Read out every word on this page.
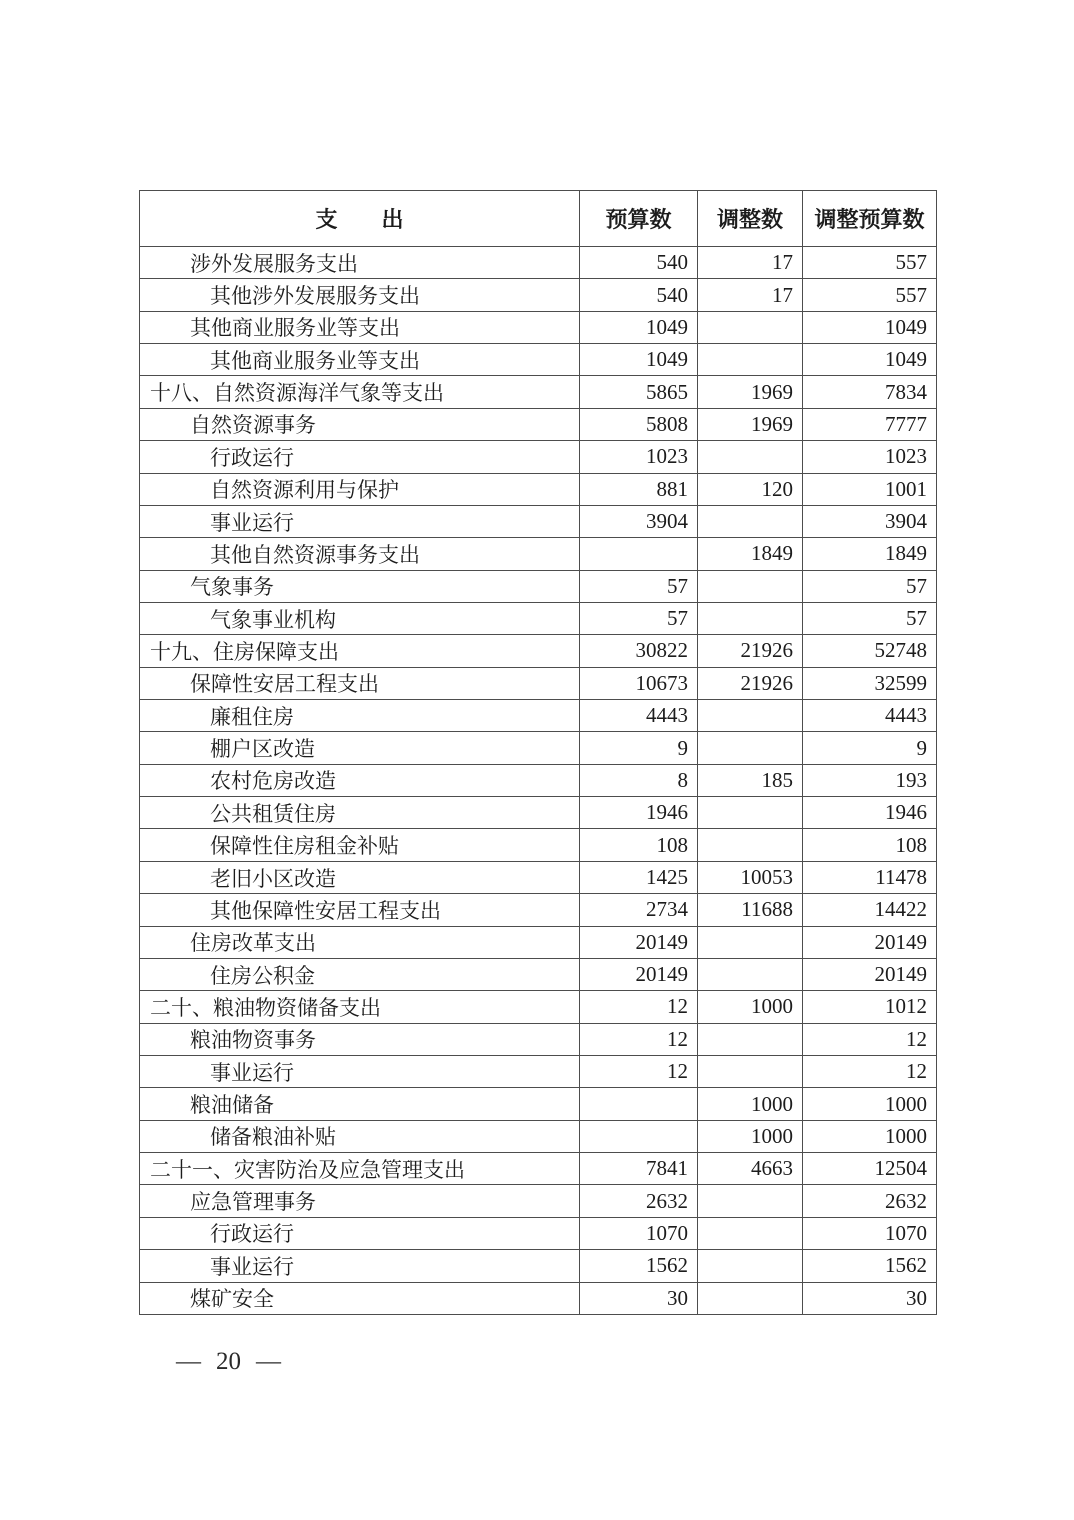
支　　出	预算数	调整数	调整预算数
涉外发展服务支出	540	17	557
其他涉外发展服务支出	540	17	557
其他商业服务业等支出	1049		1049
其他商业服务业等支出	1049		1049
十八、自然资源海洋气象等支出	5865	1969	7834
自然资源事务	5808	1969	7777
行政运行	1023		1023
自然资源利用与保护	881	120	1001
事业运行	3904		3904
其他自然资源事务支出		1849	1849
气象事务	57		57
气象事业机构	57		57
十九、住房保障支出	30822	21926	52748
保障性安居工程支出	10673	21926	32599
廉租住房	4443		4443
棚户区改造	9		9
农村危房改造	8	185	193
公共租赁住房	1946		1946
保障性住房租金补贴	108		108
老旧小区改造	1425	10053	11478
其他保障性安居工程支出	2734	11688	14422
住房改革支出	20149		20149
住房公积金	20149		20149
二十、粮油物资储备支出	12	1000	1012
粮油物资事务	12		12
事业运行	12		12
粮油储备		1000	1000
储备粮油补贴		1000	1000
二十一、灾害防治及应急管理支出	7841	4663	12504
应急管理事务	2632		2632
行政运行	1070		1070
事业运行	1562		1562
煤矿安全	30		30
— 20 —
